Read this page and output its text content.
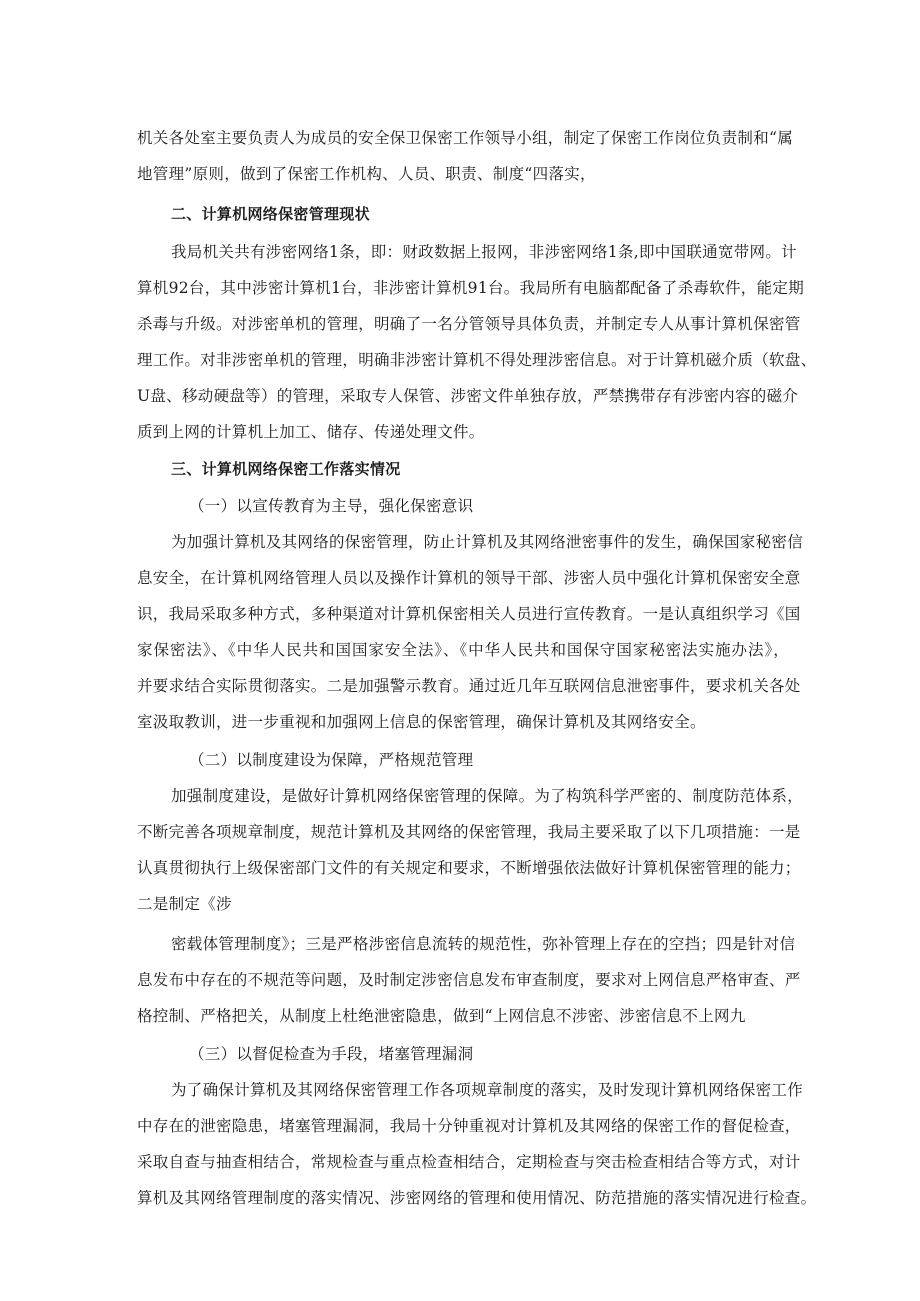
机关各处室主要负责人为成员的安全保卫保密工作领导小组，制定了保密工作岗位负责制和“属
地管理”原则，做到了保密工作机构、人员、职责、制度“四落实，
二、计算机网络保密管理现状
我局机关共有涉密网络1条，即：财政数据上报网，非涉密网络1条,即中国联通宽带网。计
算机92台，其中涉密计算机1台，非涉密计算机91台。我局所有电脑都配备了杀毒软件，能定期
杀毒与升级。对涉密单机的管理，明确了一名分管领导具体负责，并制定专人从事计算机保密管
理工作。对非涉密单机的管理，明确非涉密计算机不得处理涉密信息。对于计算机磁介质（软盘、
U盘、移动硬盘等）的管理，采取专人保管、涉密文件单独存放，严禁携带存有涉密内容的磁介
质到上网的计算机上加工、储存、传递处理文件。
三、计算机网络保密工作落实情况
（一）以宣传教育为主导，强化保密意识
为加强计算机及其网络的保密管理，防止计算机及其网络泄密事件的发生，确保国家秘密信
息安全，在计算机网络管理人员以及操作计算机的领导干部、涉密人员中强化计算机保密安全意
识，我局采取多种方式，多种渠道对计算机保密相关人员进行宣传教育。一是认真组织学习《国
家保密法》、《中华人民共和国国家安全法》、《中华人民共和国保守国家秘密法实施办法》，
并要求结合实际贯彻落实。二是加强警示教育。通过近几年互联网信息泄密事件，要求机关各处
室汲取教训，进一步重视和加强网上信息的保密管理，确保计算机及其网络安全。
（二）以制度建设为保障，严格规范管理
加强制度建设，是做好计算机网络保密管理的保障。为了构筑科学严密的、制度防范体系，
不断完善各项规章制度，规范计算机及其网络的保密管理，我局主要采取了以下几项措施：一是
认真贯彻执行上级保密部门文件的有关规定和要求，不断增强依法做好计算机保密管理的能力；
二是制定《涉
密载体管理制度》；三是严格涉密信息流转的规范性，弥补管理上存在的空挡；四是针对信
息发布中存在的不规范等问题，及时制定涉密信息发布审查制度，要求对上网信息严格审查、严
格控制、严格把关，从制度上杜绝泄密隐患，做到“上网信息不涉密、涉密信息不上网九
（三）以督促检查为手段，堵塞管理漏洞
为了确保计算机及其网络保密管理工作各项规章制度的落实，及时发现计算机网络保密工作
中存在的泄密隐患，堵塞管理漏洞，我局十分钟重视对计算机及其网络的保密工作的督促检查，
采取自查与抽查相结合，常规检查与重点检查相结合，定期检查与突击检查相结合等方式，对计
算机及其网络管理制度的落实情况、涉密网络的管理和使用情况、防范措施的落实情况进行检查。
